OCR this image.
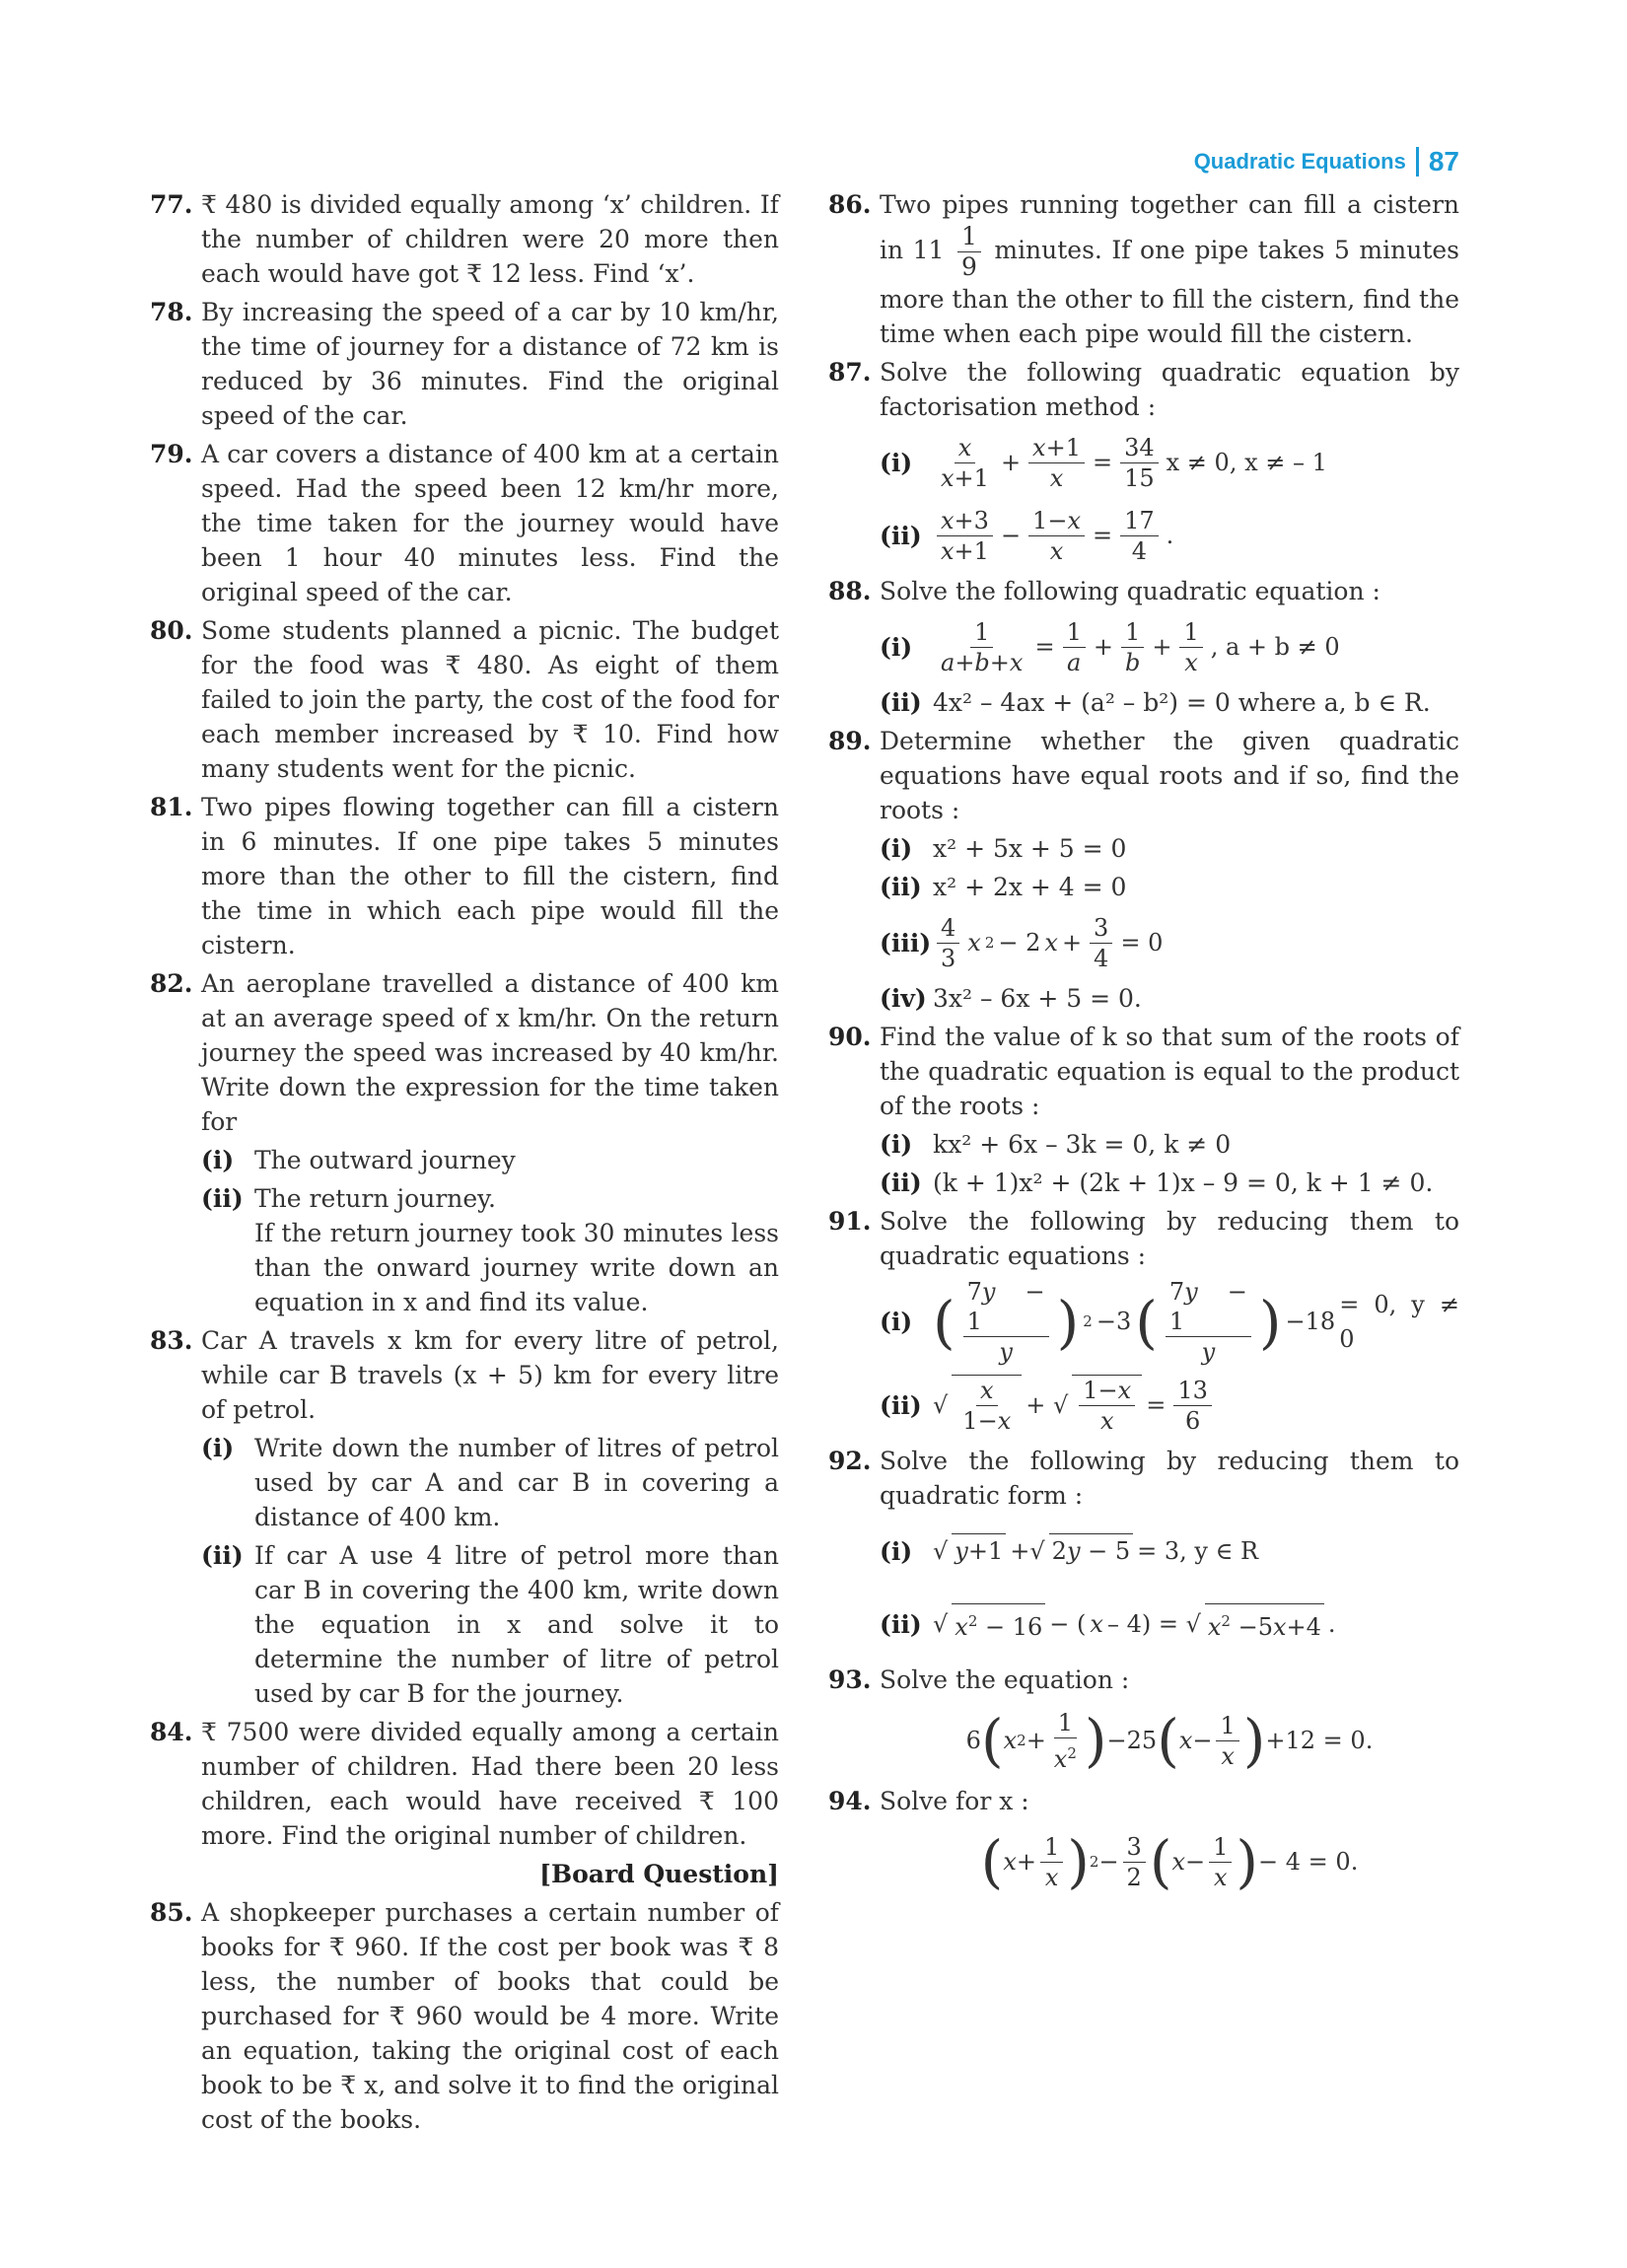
Quadratic Equations 87
77. ₹ 480 is divided equally among ‘x’ children. If the number of children were 20 more then each would have got ₹ 12 less. Find ‘x’.
78. By increasing the speed of a car by 10 km/hr, the time of journey for a distance of 72 km is reduced by 36 minutes. Find the original speed of the car.
79. A car covers a distance of 400 km at a certain speed. Had the speed been 12 km/hr more, the time taken for the journey would have been 1 hour 40 minutes less. Find the original speed of the car.
80. Some students planned a picnic. The budget for the food was ₹ 480. As eight of them failed to join the party, the cost of the food for each member increased by ₹ 10. Find how many students went for the picnic.
81. Two pipes flowing together can fill a cistern in 6 minutes. If one pipe takes 5 minutes more than the other to fill the cistern, find the time in which each pipe would fill the cistern.
82. An aeroplane travelled a distance of 400 km at an average speed of x km/hr. On the return journey the speed was increased by 40 km/hr. Write down the expression for the time taken for
(i) The outward journey
(ii) The return journey.
If the return journey took 30 minutes less than the onward journey write down an equation in x and find its value.
83. Car A travels x km for every litre of petrol, while car B travels (x + 5) km for every litre of petrol.
(i) Write down the number of litres of petrol used by car A and car B in covering a distance of 400 km.
(ii) If car A use 4 litre of petrol more than car B in covering the 400 km, write down the equation in x and solve it to determine the number of litre of petrol used by car B for the journey.
84. ₹ 7500 were divided equally among a certain number of children. Had there been 20 less children, each would have received ₹ 100 more. Find the original number of children.
[Board Question]
85. A shopkeeper purchases a certain number of books for ₹ 960. If the cost per book was ₹ 8 less, the number of books that could be purchased for ₹ 960 would be 4 more. Write an equation, taking the original cost of each book to be ₹ x, and solve it to find the original cost of the books.
86. Two pipes running together can fill a cistern in $11 \frac{1}{9}$ minutes. If one pipe takes 5 minutes more than the other to fill the cistern, find the time when each pipe would fill the cistern.
87. Solve the following quadratic equation by factorisation method :
(i)	$\frac{x}{x+1} + \frac{x+1}{x} = \frac{34}{15}$ x ≠ 0, x ≠ – 1
$(ii) \frac{x+3}{x+1} - \frac{1-x}{x} = \frac{17}{4}$ .
88. Solve the following quadratic equation :
(i)	$\frac{1}{a+b+x} = \frac{1}{a} + \frac{1}{b} + \frac{1}{x}$ , a + b ≠ 0
(ii) 4x² – 4ax + (a² – b²) = 0 where a, b ∈ R.
89. Determine whether the given quadratic equations have equal roots and if so, find the roots :
(i) x² + 5x + 5 = 0
(ii) x² + 2x + 4 = 0
$(iii) \frac{4}{3}$ x 2 − 2 $x + \frac{3}{4} = 0$
(iv) 3x² – 6x + 5 = 0.
90. Find the value of k so that sum of the roots of the quadratic equation is equal to the product of the roots :
(i) kx² + 6x – 3k = 0, k ≠ 0
(ii) (k + 1)x² + (2k + 1)x – 9 = 0, k + 1 ≠ 0.
91. Solve the following by reducing them to quadratic equations :
(i) ( $\frac{7y - 1}{y}$ ) 2 −3 ( $\frac{7y - 1}{y}$ ) −18
= 0, y ≠ 0
(ii) √ $\frac{x}{1-x}$ + √ $\frac{1-x}{x} = \frac{13}{6}$
92. Solve the following by reducing them to quadratic form :
(i) √ y+1 +√ 2y − 5 = 3, y ∈ R
(ii) √ $x^2 - 16$ − ( x – 4) = √ $x^2 -5x+4$ .
93. Solve the equation :
6 ( x $2 + \frac{1}{x^2}$ ) −25 ( $x - \frac{1}{x}$ ) +12 = 0.
94. Solve for x :
( $x + \frac{1}{x}$ ) $2 - \frac{3}{2}$ ( $x - \frac{1}{x}$ ) − 4 = 0.
